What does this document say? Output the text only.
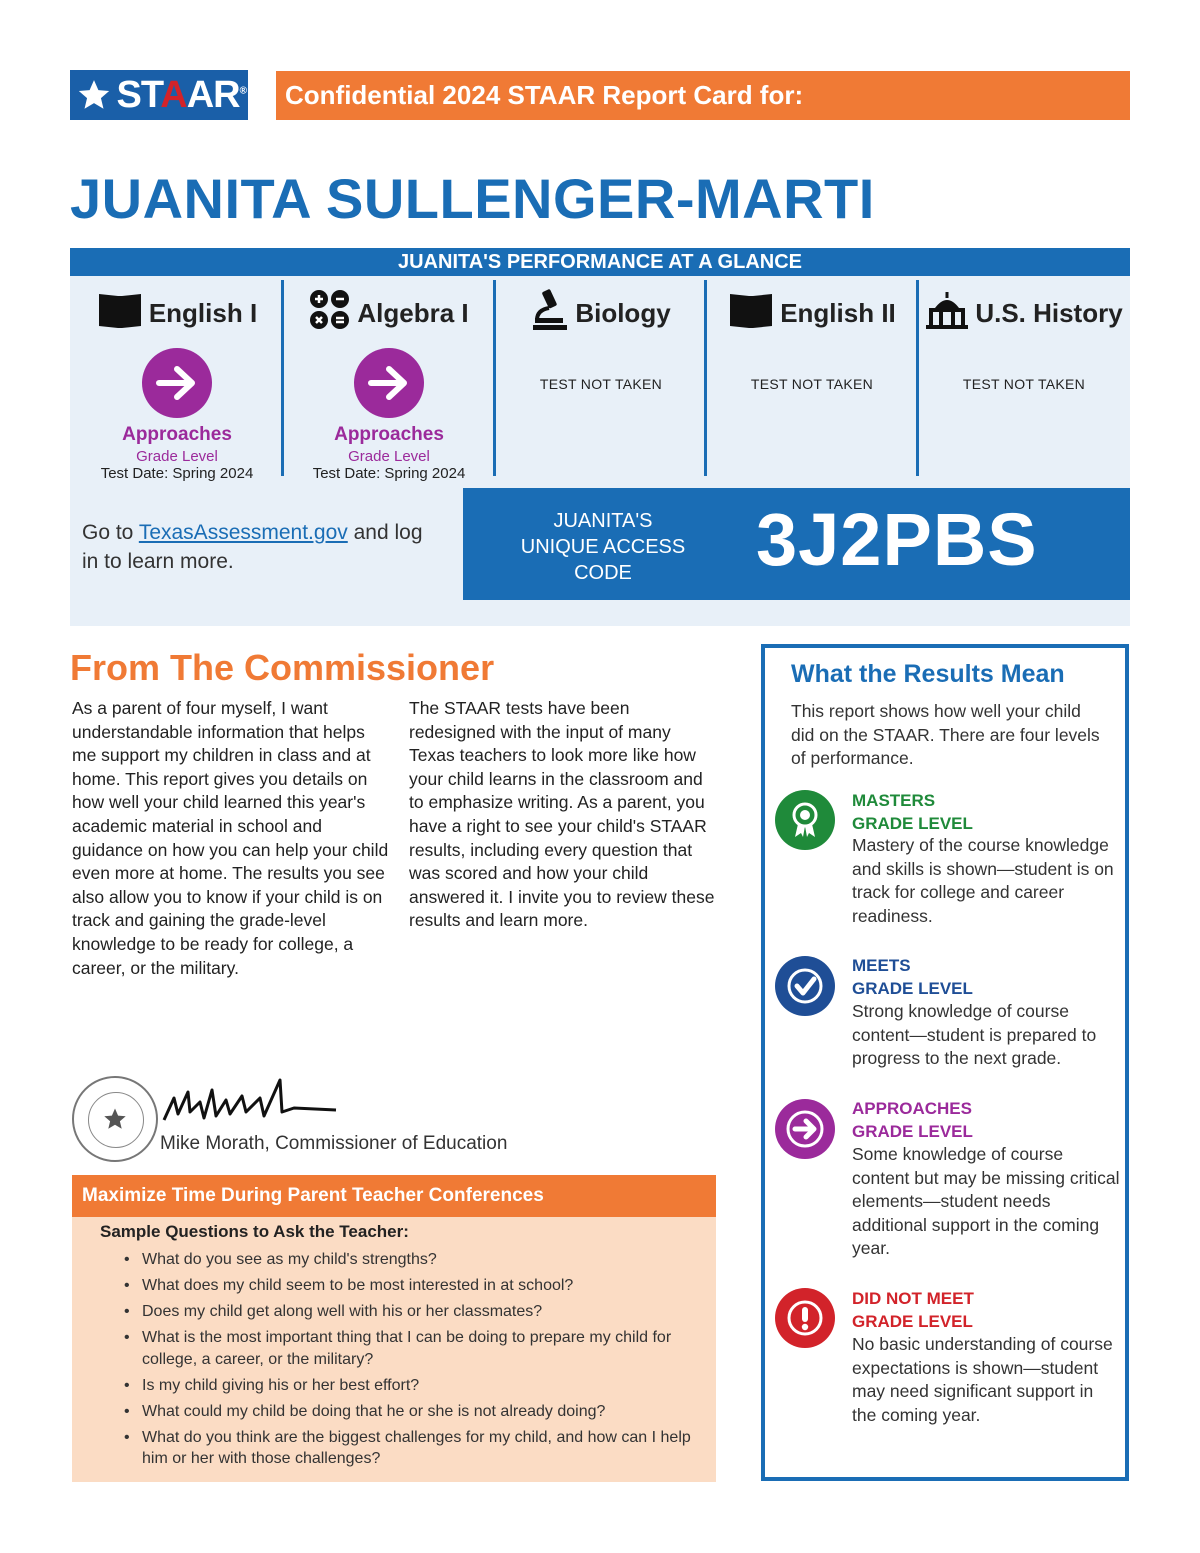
STAAR®	Confidential 2024 STAAR Report Card for:
JUANITA SULLENGER-MARTI
JUANITA'S PERFORMANCE AT A GLANCE
English I
Approaches
Grade Level
Test Date: Spring 2024
Algebra I
Approaches
Grade Level
Test Date: Spring 2024
Biology
TEST NOT TAKEN
English II
TEST NOT TAKEN
U.S. History
TEST NOT TAKEN
Go to TexasAssessment.gov and log in to learn more.
JUANITA'S
UNIQUE ACCESS
CODE	3J2PBS
From The Commissioner
As a parent of four myself, I want understandable information that helps me support my children in class and at home. This report gives you details on how well your child learned this year's academic material in school and guidance on how you can help your child even more at home. The results you see also allow you to know if your child is on track and gaining the grade-level knowledge to be ready for college, a career, or the military.
The STAAR tests have been redesigned with the input of many Texas teachers to look more like how your child learns in the classroom and to emphasize writing. As a parent, you have a right to see your child's STAAR results, including every question that was scored and how your child answered it. I invite you to review these results and learn more.
Mike Morath, Commissioner of Education
Maximize Time During Parent Teacher Conferences
Sample Questions to Ask the Teacher:
• What do you see as my child's strengths?
• What does my child seem to be most interested in at school?
• Does my child get along well with his or her classmates?
• What is the most important thing that I can be doing to prepare my child for college, a career, or the military?
• Is my child giving his or her best effort?
• What could my child be doing that he or she is not already doing?
• What do you think are the biggest challenges for my child, and how can I help him or her with those challenges?
What the Results Mean
This report shows how well your child did on the STAAR. There are four levels of performance.
MASTERS
GRADE LEVEL
Mastery of the course knowledge and skills is shown—student is on track for college and career readiness.
MEETS
GRADE LEVEL
Strong knowledge of course content—student is prepared to progress to the next grade.
APPROACHES
GRADE LEVEL
Some knowledge of course content but may be missing critical elements—student needs additional support in the coming year.
DID NOT MEET
GRADE LEVEL
No basic understanding of course expectations is shown—student may need significant support in the coming year.
